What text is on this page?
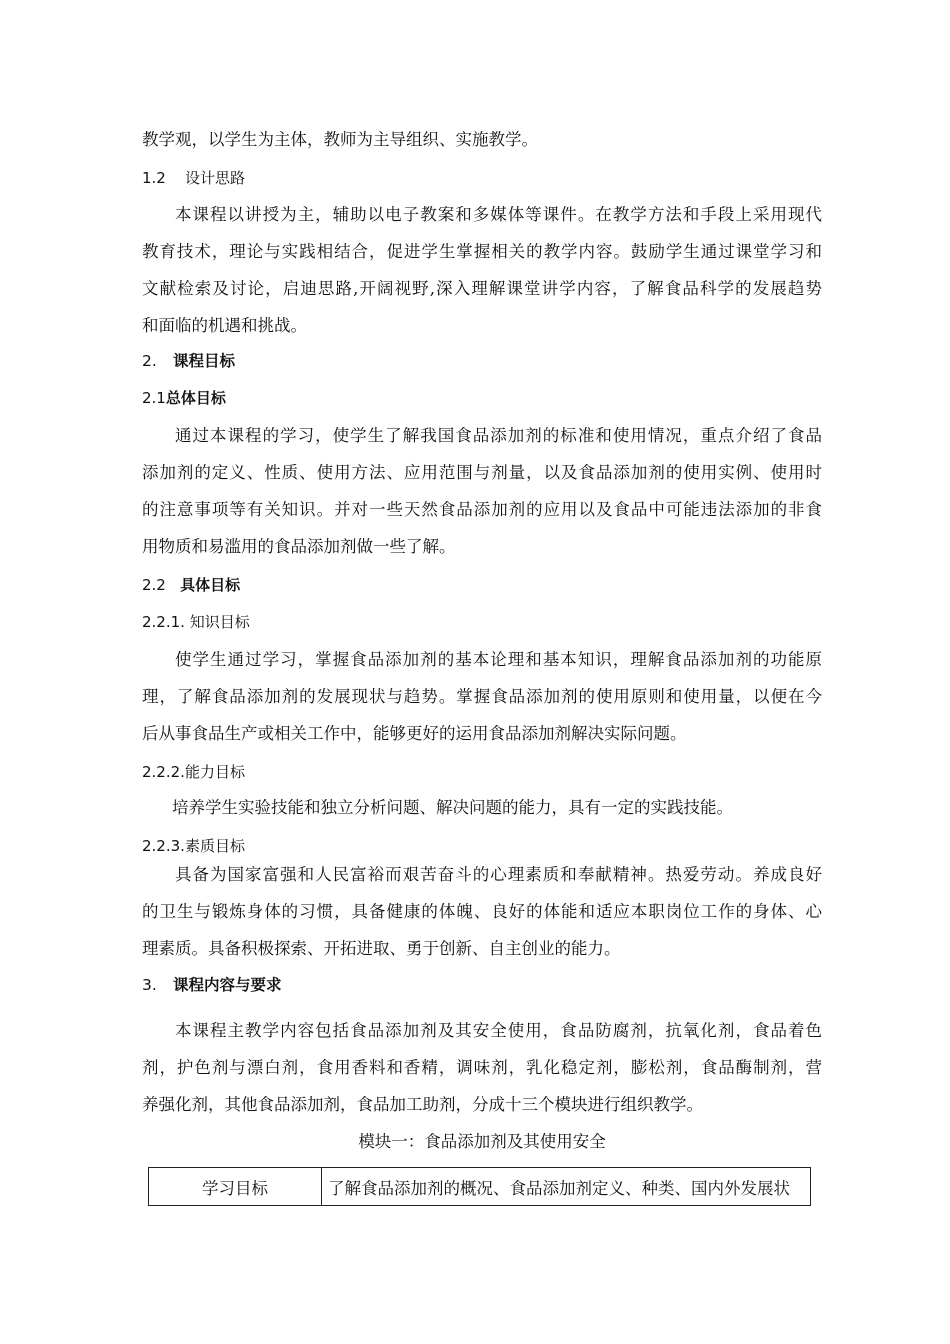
教学观，以学生为主体，教师为主导组织、实施教学。
1.2 设计思路
本课程以讲授为主，辅助以电子教案和多媒体等课件。在教学方法和手段上采用现代
教育技术，理论与实践相结合，促进学生掌握相关的教学内容。鼓励学生通过课堂学习和
文献检索及讨论，启迪思路,开阔视野,深入理解课堂讲学内容，了解食品科学的发展趋势
和面临的机遇和挑战。
2. 课程目标
2.1总体目标
通过本课程的学习，使学生了解我国食品添加剂的标准和使用情况，重点介绍了食品
添加剂的定义、性质、使用方法、应用范围与剂量，以及食品添加剂的使用实例、使用时
的注意事项等有关知识。并对一些天然食品添加剂的应用以及食品中可能违法添加的非食
用物质和易滥用的食品添加剂做一些了解。
2.2 具体目标
2.2.1. 知识目标
使学生通过学习，掌握食品添加剂的基本论理和基本知识，理解食品添加剂的功能原
理，了解食品添加剂的发展现状与趋势。掌握食品添加剂的使用原则和使用量，以便在今
后从事食品生产或相关工作中，能够更好的运用食品添加剂解决实际问题。
2.2.2.能力目标
培养学生实验技能和独立分析问题、解决问题的能力，具有一定的实践技能。
2.2.3.素质目标
具备为国家富强和人民富裕而艰苦奋斗的心理素质和奉献精神。热爱劳动。养成良好
的卫生与锻炼身体的习惯，具备健康的体魄、良好的体能和适应本职岗位工作的身体、心
理素质。具备积极探索、开拓进取、勇于创新、自主创业的能力。
3. 课程内容与要求
本课程主教学内容包括食品添加剂及其安全使用，食品防腐剂，抗氧化剂，食品着色
剂，护色剂与漂白剂，食用香料和香精，调味剂，乳化稳定剂，膨松剂，食品酶制剂，营
养强化剂，其他食品添加剂，食品加工助剂，分成十三个模块进行组织教学。
模块一：食品添加剂及其使用安全
学习目标	了解食品添加剂的概况、食品添加剂定义、种类、国内外发展状
